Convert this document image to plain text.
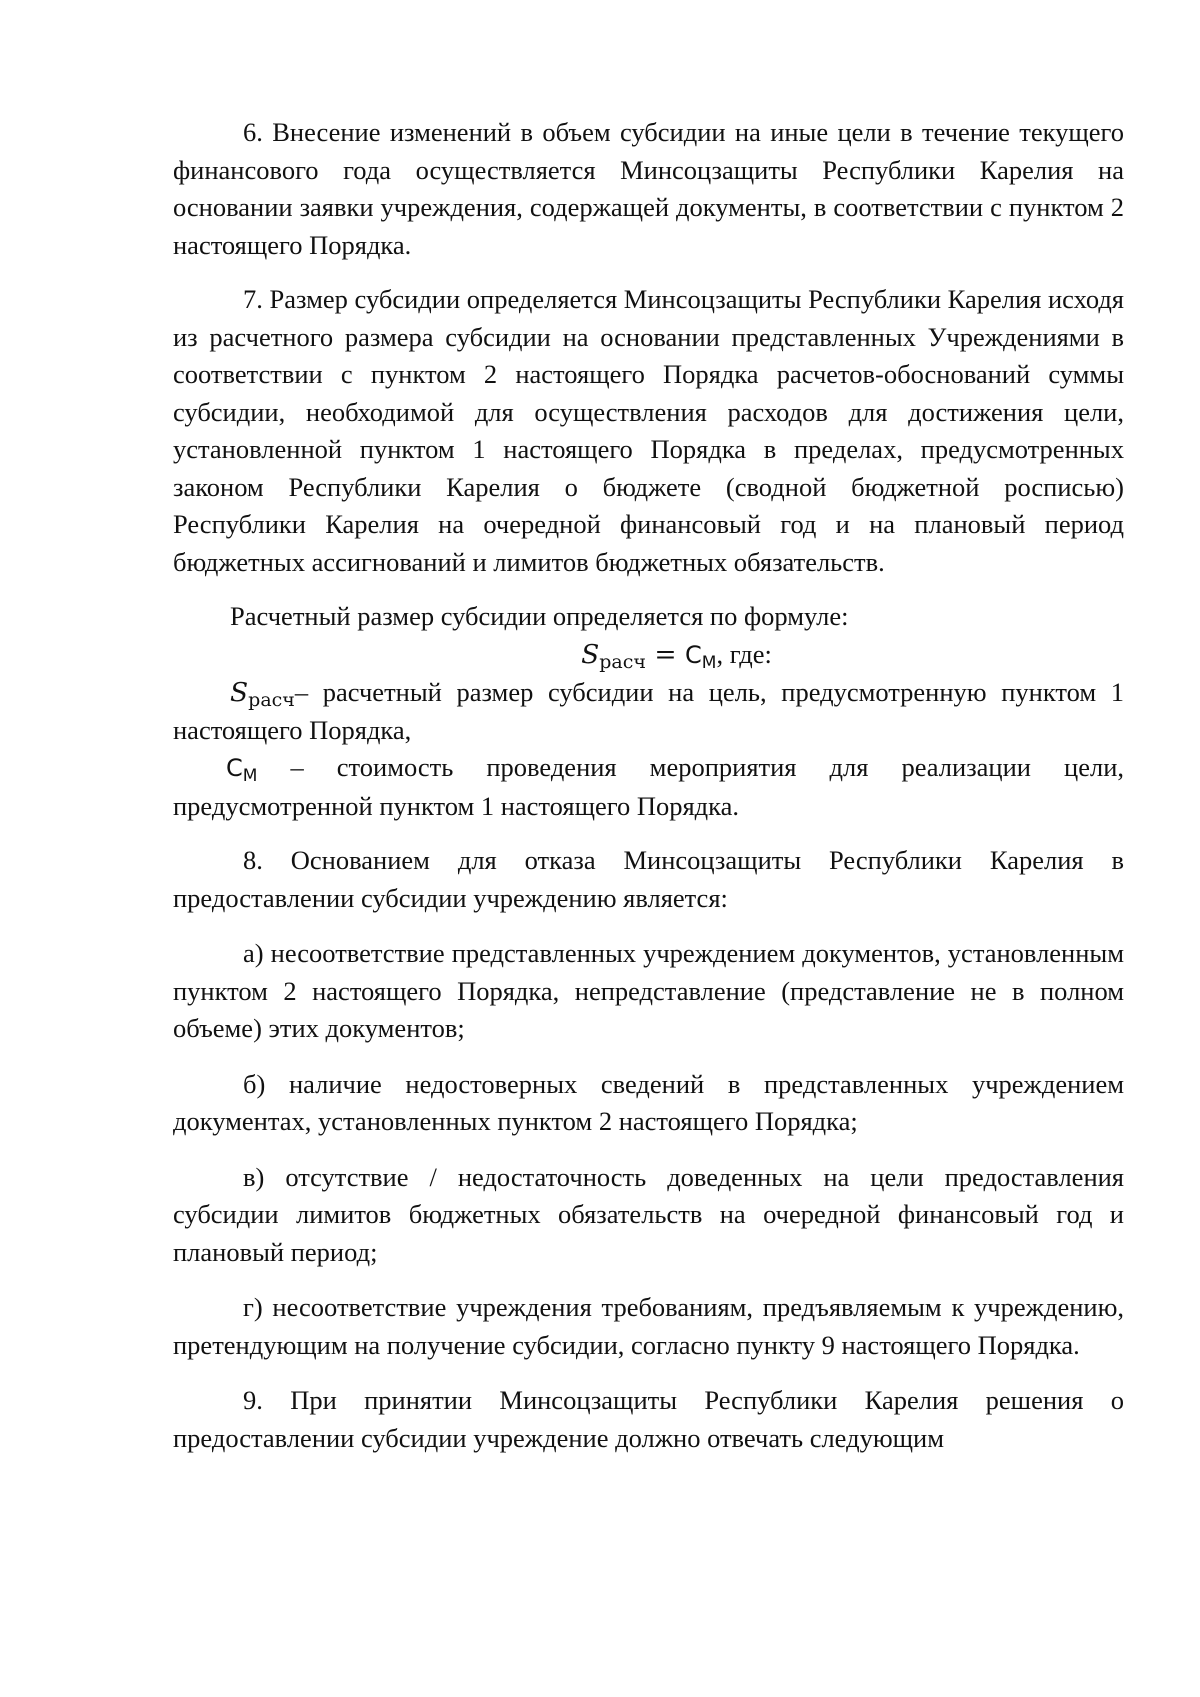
6. Внесение изменений в объем субсидии на иные цели в течение текущего финансового года осуществляется Минсоцзащиты Республики Карелия на основании заявки учреждения, содержащей документы, в соответствии с пунктом 2 настоящего Порядка.

7. Размер субсидии определяется Минсоцзащиты Республики Карелия исходя из расчетного размера субсидии на основании представленных Учреждениями в соответствии с пунктом 2 настоящего Порядка расчетов-обоснований суммы субсидии, необходимой для осуществления расходов для достижения цели, установленной пунктом 1 настоящего Порядка в пределах, предусмотренных законом Республики Карелия о бюджете (сводной бюджетной росписью) Республики Карелия на очередной финансовый год и на плановый период бюджетных ассигнований и лимитов бюджетных обязательств.

Расчетный размер субсидии определяется по формуле:

$S_{расч} = С_М$, где:

$S_{расч}-$ расчетный размер субсидии на цель, предусмотренную пунктом 1 настоящего Порядка,

$С_М$ – стоимость проведения мероприятия для реализации цели, предусмотренной пунктом 1 настоящего Порядка.

8. Основанием для отказа Минсоцзащиты Республики Карелия в предоставлении субсидии учреждению является:

а) несоответствие представленных учреждением документов, установленным пунктом 2 настоящего Порядка, непредставление (представление не в полном объеме) этих документов;

б) наличие недостоверных сведений в представленных учреждением документах, установленных пунктом 2 настоящего Порядка;

в) отсутствие / недостаточность доведенных на цели предоставления субсидии лимитов бюджетных обязательств на очередной финансовый год и плановый период;

г) несоответствие учреждения требованиям, предъявляемым к учреждению, претендующим на получение субсидии, согласно пункту 9 настоящего Порядка.

9. При принятии Минсоцзащиты Республики Карелия решения о предоставлении субсидии учреждение должно отвечать следующим
